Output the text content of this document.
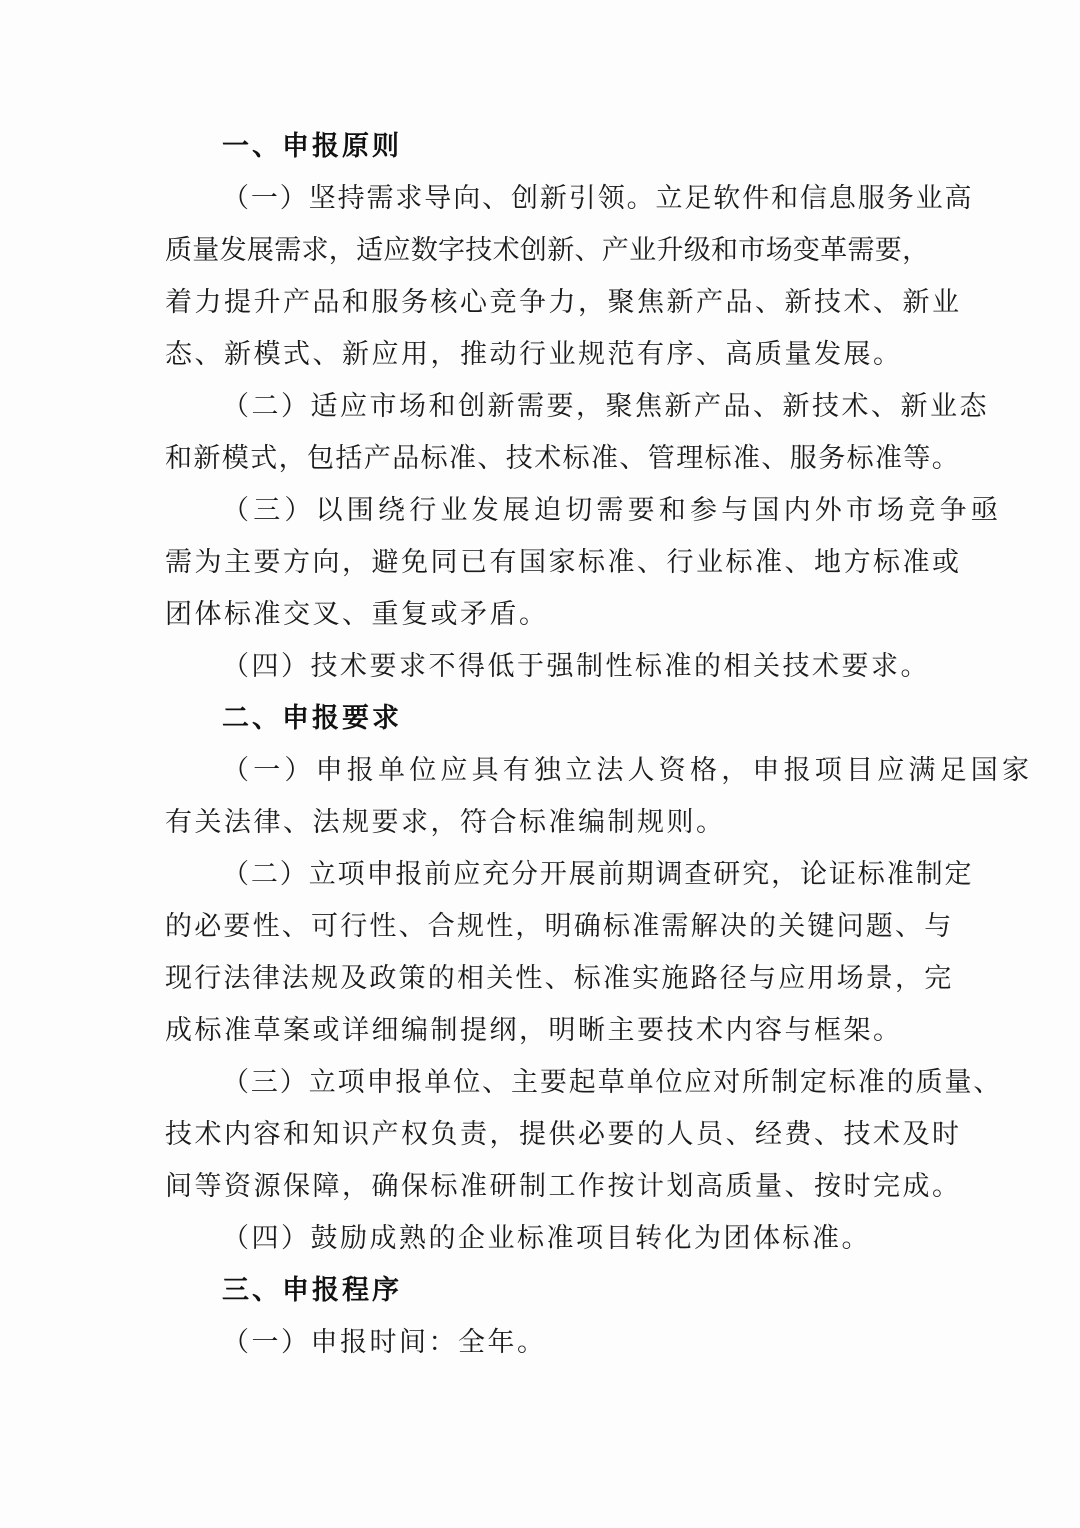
一、申报原则
（一）坚持需求导向、创新引领。立足软件和信息服务业高
质量发展需求，适应数字技术创新、产业升级和市场变革需要，
着力提升产品和服务核心竞争力，聚焦新产品、新技术、新业
态、新模式、新应用，推动行业规范有序、高质量发展。
（二）适应市场和创新需要，聚焦新产品、新技术、新业态
和新模式，包括产品标准、技术标准、管理标准、服务标准等。
（三）以围绕行业发展迫切需要和参与国内外市场竞争亟
需为主要方向，避免同已有国家标准、行业标准、地方标准或
团体标准交叉、重复或矛盾。
（四）技术要求不得低于强制性标准的相关技术要求。
二、申报要求
（一）申报单位应具有独立法人资格，申报项目应满足国家
有关法律、法规要求，符合标准编制规则。
（二）立项申报前应充分开展前期调查研究，论证标准制定
的必要性、可行性、合规性，明确标准需解决的关键问题、与
现行法律法规及政策的相关性、标准实施路径与应用场景，完
成标准草案或详细编制提纲，明晰主要技术内容与框架。
（三）立项申报单位、主要起草单位应对所制定标准的质量、
技术内容和知识产权负责，提供必要的人员、经费、技术及时
间等资源保障，确保标准研制工作按计划高质量、按时完成。
（四）鼓励成熟的企业标准项目转化为团体标准。
三、申报程序
（一）申报时间：全年。
